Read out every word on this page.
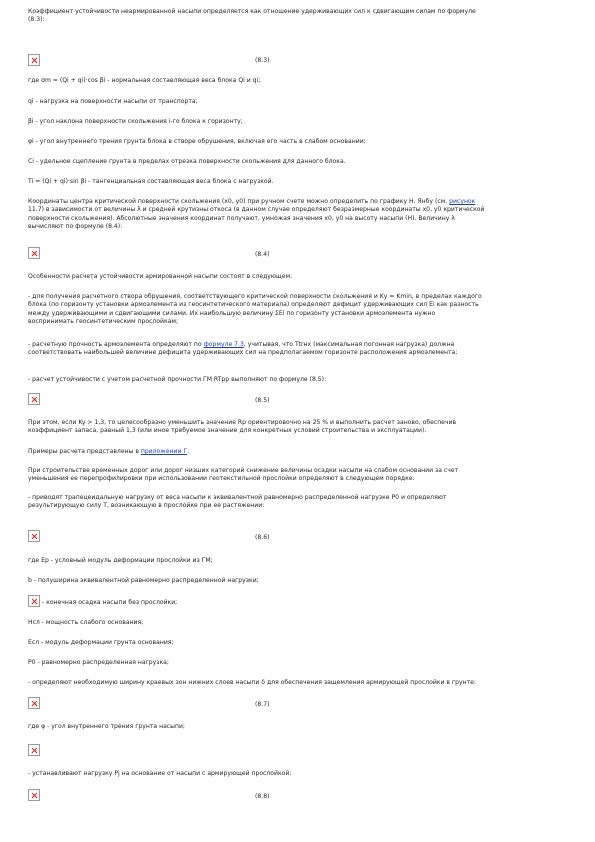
Коэффициент устойчивости неармированной насыпи определяется как отношение удерживающих сил к сдвигающим силам по формуле
(8.3):
(8.3)
где σm = (Qi + qi)·cos βi - нормальная составляющая веса блока Qi и qi;
qi - нагрузка на поверхности насыпи от транспорта;
βi - угол наклона поверхности скольжения i-го блока к горизонту;
φi - угол внутреннего трения грунта блока в створе обрушения, включая его часть в слабом основании;
Ci - удельное сцепление грунта в пределах отрезка поверхности скольжения для данного блока.
Ti = (Qi + qi)·sin βi - тангенциальная составляющая веса блока с нагрузкой.
Координаты центра критической поверхности скольжения (x0, y0) при ручном счете можно определить по графику Н. Янбу (см. рисунок
11.7) в зависимости от величины λ и средней крутизны откоса (в данном случае определяют безразмерные координаты x0, y0 критической
поверхности скольжения). Абсолютные значения координат получают, умножая значения x0, y0 на высоту насыпи (Н). Величину λ
вычисляют по формуле (8.4):
(8.4)
Особенности расчета устойчивости армированной насыпи состоят в следующем:
- для получения расчетного створа обрушения, соответствующего критической поверхности скольжения и Kу = Kmin, в пределах каждого
блока (по горизонту установки армоэлемента из геосинтетического материала) определяют дефицит удерживающих сил Ei как разность
между удерживающими и сдвигающими силами. Их наибольшую величину ΣEi по горизонту установки армоэлемента нужно
воспринимать геосинтетическим прослойкам;
- расчетную прочность армоэлемента определяют по формуле 7.3, учитывая, что Ttrнх (максимальная погонная нагрузка) должна
соответствовать наибольшей величине дефицита удерживающих сил на предполагаемом горизонте расположения армоэлемента;
- расчет устойчивости с учетом расчетной прочности ГМ RTpр выполняют по формуле (8.5):
(8.5)
При этом, если Ky > 1,3, то целесообразно уменьшить значение Rp ориентировочно на 25 % и выполнить расчет заново, обеспечив
коэффициент запаса, равный 1,3 (или иное требуемое значение для конкретных условий строительства и эксплуатации).
Примеры расчета представлены в приложении Г.
При строительстве временных дорог или дорог низших категорий снижение величины осадки насыпи на слабом основании за счет
уменьшения ее перепрофилировки при использовании геотекстильной прослойки определяют в следующем порядке:
- приводят трапецеидальную нагрузку от веса насыпи к эквивалентной равномерно распределенной нагрузке P0 и определяют
результирующую силу T, возникающую в прослойке при ее растяжении:
(8.6)
где Ep - условный модуль деформации прослойки из ГМ;
b - полуширина эквивалентной равномерно распределенной нагрузки;
- конечная осадка насыпи без прослойки;
Hсл - мощность слабого основания;
Eсл - модуль деформации грунта основания;
P0 - равномерно распределенная нагрузка;
- определяют необходимую ширину краевых зон нижних слоев насыпи δ для обеспечения защемления армирующей прослойки в грунте:
(8.7)
где φ - угол внутреннего трения грунта насыпи;
- устанавливают нагрузку Pj на основание от насыпи с армирующей прослойкой:
(8.8)
